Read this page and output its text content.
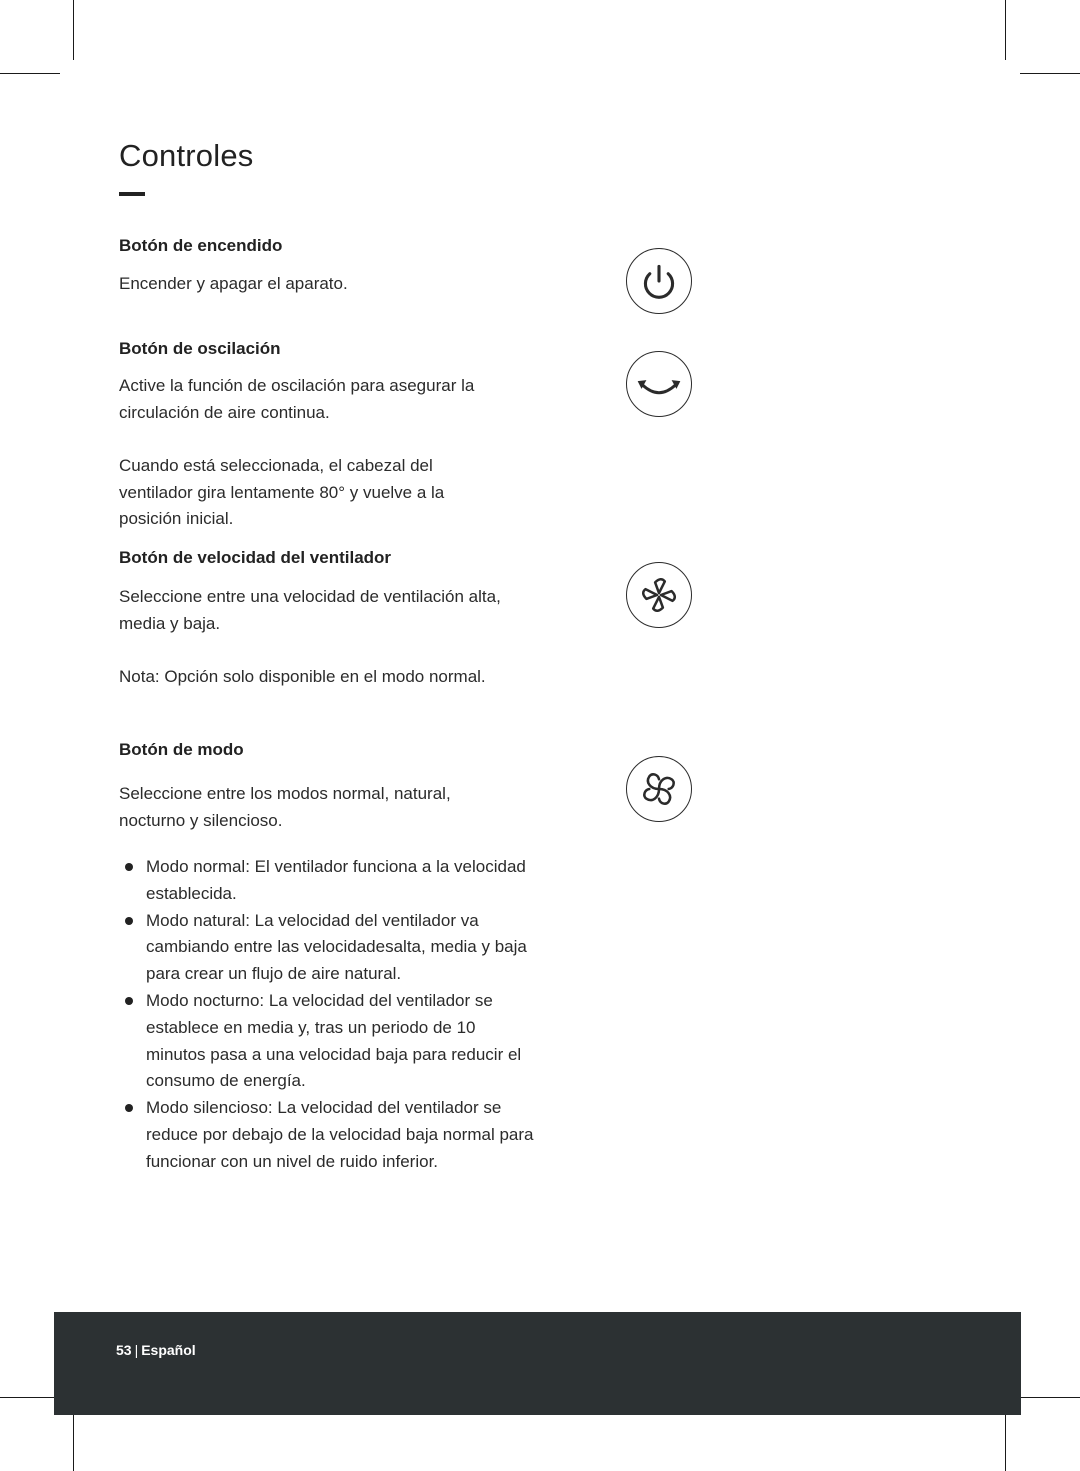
Controles
Botón de encendido

Encender y apagar el aparato.

Botón de oscilación

Active la función de oscilación para asegurar la circulación de aire continua.

Cuando está seleccionada, el cabezal del ventilador gira lentamente 80° y vuelve a la posición inicial.

Botón de velocidad del ventilador

Seleccione entre una velocidad de ventilación alta, media y baja.

Nota: Opción solo disponible en el modo normal.

Botón de modo

Seleccione entre los modos normal, natural, nocturno y silencioso.

Modo normal: El ventilador funciona a la velocidad establecida.
Modo natural: La velocidad del ventilador va cambiando entre las velocidadesalta, media y baja para crear un flujo de aire natural.
Modo nocturno: La velocidad del ventilador se establece en media y, tras un periodo de 10 minutos pasa a una velocidad baja para reducir el consumo de energía.
Modo silencioso: La velocidad del ventilador se reduce por debajo de la velocidad baja normal para funcionar con un nivel de ruido inferior.
53 | Español
